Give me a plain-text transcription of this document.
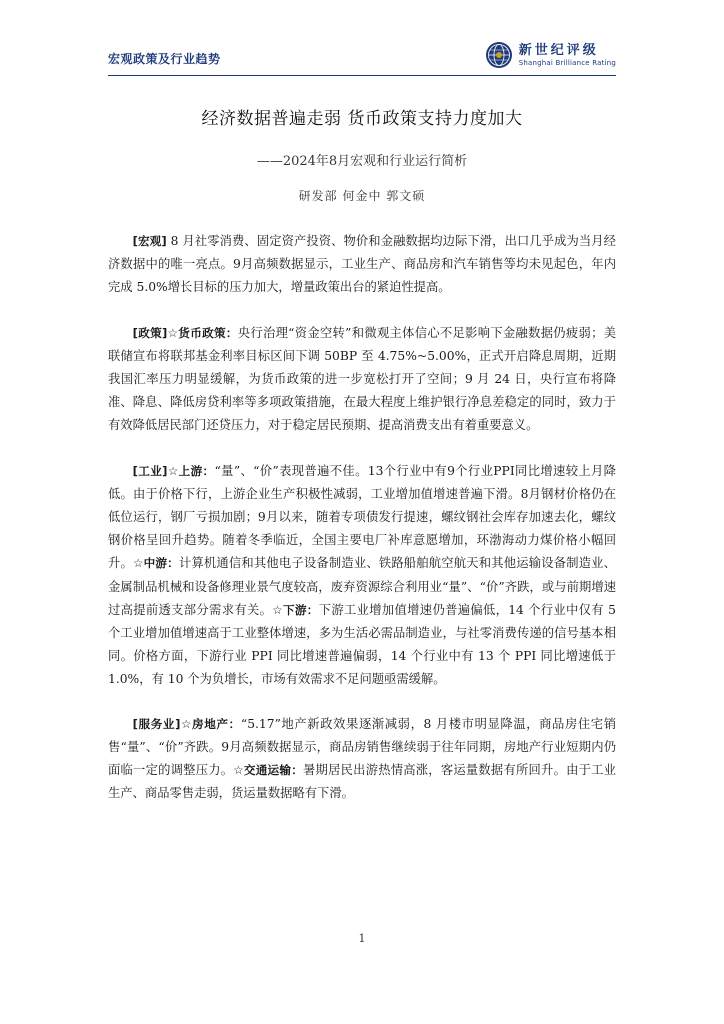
宏观政策及行业趋势
新世纪评级
Shanghai Brilliance Rating
经济数据普遍走弱 货币政策支持力度加大
——2024年8月宏观和行业运行简析
研发部 何金中 郭文硕

[宏观] 8 月社零消费、固定资产投资、物价和金融数据均边际下滑，出口几乎成为当月经济数据中的唯一亮点。9月高频数据显示，工业生产、商品房和汽车销售等均未见起色，年内完成 5.0%增长目标的压力加大，增量政策出台的紧迫性提高。

[政策]☆货币政策：央行治理“资金空转”和微观主体信心不足影响下金融数据仍疲弱；美联储宣布将联邦基金利率目标区间下调 50BP 至 4.75%~5.00%，正式开启降息周期，近期我国汇率压力明显缓解，为货币政策的进一步宽松打开了空间；9 月 24 日，央行宣布将降准、降息、降低房贷利率等多项政策措施，在最大程度上维护银行净息差稳定的同时，致力于有效降低居民部门还贷压力，对于稳定居民预期、提高消费支出有着重要意义。

[工业]☆上游：“量”、“价”表现普遍不佳。13个行业中有9个行业PPI同比增速较上月降低。由于价格下行，上游企业生产积极性减弱，工业增加值增速普遍下滑。8月钢材价格仍在低位运行，钢厂亏损加剧；9月以来，随着专项债发行提速，螺纹钢社会库存加速去化，螺纹钢价格呈回升趋势。随着冬季临近，全国主要电厂补库意愿增加，环渤海动力煤价格小幅回升。☆中游：计算机通信和其他电子设备制造业、铁路船舶航空航天和其他运输设备制造业、金属制品机械和设备修理业景气度较高，废弃资源综合利用业“量”、“价”齐跌，或与前期增速过高提前透支部分需求有关。☆下游：下游工业增加值增速仍普遍偏低，14 个行业中仅有 5 个工业增加值增速高于工业整体增速，多为生活必需品制造业，与社零消费传递的信号基本相同。价格方面，下游行业 PPI 同比增速普遍偏弱，14 个行业中有 13 个 PPI 同比增速低于 1.0%，有 10 个为负增长，市场有效需求不足问题亟需缓解。

[服务业]☆房地产：“5.17”地产新政效果逐渐减弱，8 月楼市明显降温，商品房住宅销售“量”、“价”齐跌。9月高频数据显示，商品房销售继续弱于往年同期，房地产行业短期内仍面临一定的调整压力。☆交通运输：暑期居民出游热情高涨，客运量数据有所回升。由于工业生产、商品零售走弱，货运量数据略有下滑。

1
